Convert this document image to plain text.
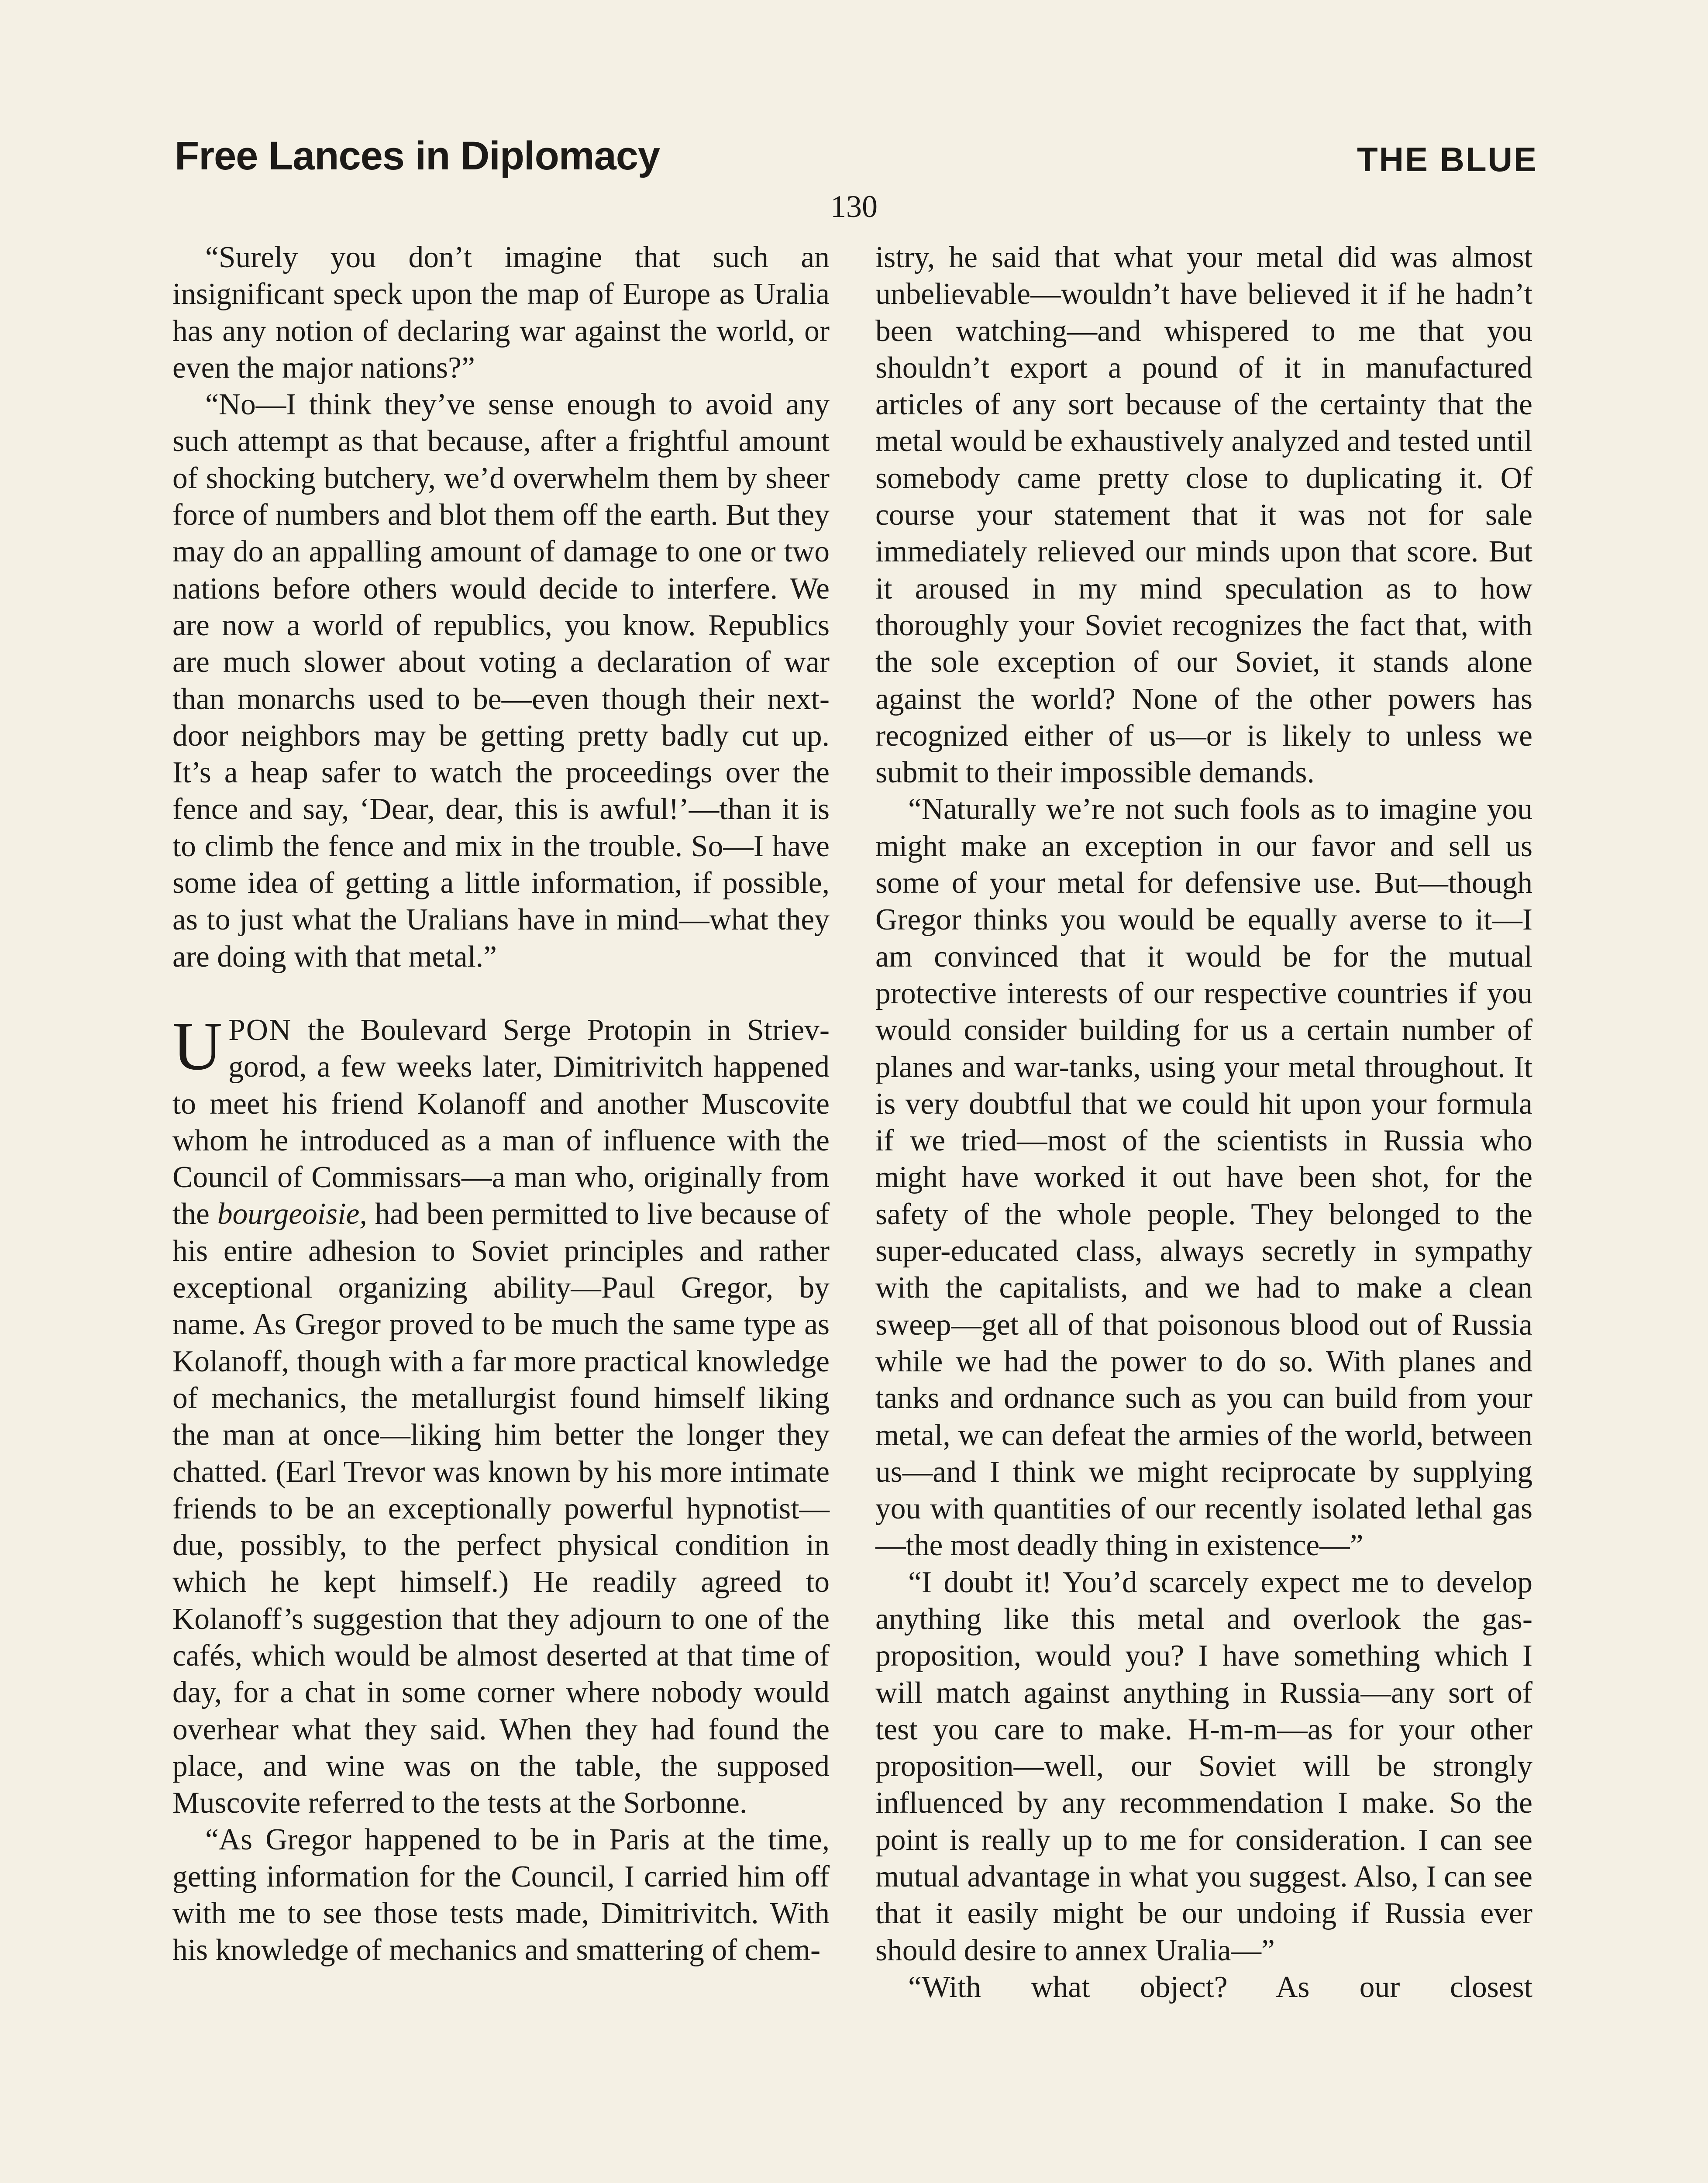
Free Lances in Diplomacy	THE BLUE
130

“Surely you don’t imagine that such an insignificant speck upon the map of Europe as Uralia has any notion of declaring war against the world, or even the major nations?”

“No—I think they’ve sense enough to avoid any such attempt as that because, after a frightful amount of shocking butchery, we’d overwhelm them by sheer force of numbers and blot them off the earth. But they may do an appalling amount of damage to one or two nations before others would decide to interfere. We are now a world of republics, you know. Republics are much slower about voting a declaration of war than monarchs used to be—even though their next-door neighbors may be getting pretty badly cut up. It’s a heap safer to watch the proceedings over the fence and say, ‘Dear, dear, this is awful!’—than it is to climb the fence and mix in the trouble. So—I have some idea of getting a little information, if possible, as to just what the Uralians have in mind—what they are doing with that metal.”

UPON the Boulevard Serge Protopin in Striev-gorod, a few weeks later, Dimitrivitch happened to meet his friend Kolanoff and another Muscovite whom he introduced as a man of influence with the Council of Commissars—a man who, originally from the bourgeoisie, had been permitted to live because of his entire adhesion to Soviet principles and rather exceptional organizing ability—Paul Gregor, by name. As Gregor proved to be much the same type as Kolanoff, though with a far more practical knowledge of mechanics, the metallurgist found himself liking the man at once—liking him better the longer they chatted. (Earl Trevor was known by his more intimate friends to be an exceptionally powerful hypnotist—due, possibly, to the perfect physical condition in which he kept himself.) He readily agreed to Kolanoff’s suggestion that they adjourn to one of the cafés, which would be almost deserted at that time of day, for a chat in some corner where nobody would overhear what they said. When they had found the place, and wine was on the table, the supposed Muscovite referred to the tests at the Sorbonne.

“As Gregor happened to be in Paris at the time, getting information for the Council, I carried him off with me to see those tests made, Dimitrivitch. With his knowledge of mechanics and smattering of chem-

istry, he said that what your metal did was almost unbelievable—wouldn’t have believed it if he hadn’t been watching—and whispered to me that you shouldn’t export a pound of it in manufactured articles of any sort because of the certainty that the metal would be exhaustively analyzed and tested until somebody came pretty close to duplicating it. Of course your statement that it was not for sale immediately relieved our minds upon that score. But it aroused in my mind speculation as to how thoroughly your Soviet recognizes the fact that, with the sole exception of our Soviet, it stands alone against the world? None of the other powers has recognized either of us—or is likely to unless we submit to their impossible demands.

“Naturally we’re not such fools as to imagine you might make an exception in our favor and sell us some of your metal for defensive use. But—though Gregor thinks you would be equally averse to it—I am convinced that it would be for the mutual protective interests of our respective countries if you would consider building for us a certain number of planes and war-tanks, using your metal throughout. It is very doubtful that we could hit upon your formula if we tried—most of the scientists in Russia who might have worked it out have been shot, for the safety of the whole people. They belonged to the super-educated class, always secretly in sympathy with the capitalists, and we had to make a clean sweep—get all of that poisonous blood out of Russia while we had the power to do so. With planes and tanks and ordnance such as you can build from your metal, we can defeat the armies of the world, between us—and I think we might reciprocate by supplying you with quantities of our recently isolated lethal gas—the most deadly thing in existence—”

“I doubt it! You’d scarcely expect me to develop anything like this metal and overlook the gas-proposition, would you? I have something which I will match against anything in Russia—any sort of test you care to make. H-m-m—as for your other proposition—well, our Soviet will be strongly influenced by any recommendation I make. So the point is really up to me for consideration. I can see mutual advantage in what you suggest. Also, I can see that it easily might be our undoing if Russia ever should desire to annex Uralia—”

“With what object? As our closest
